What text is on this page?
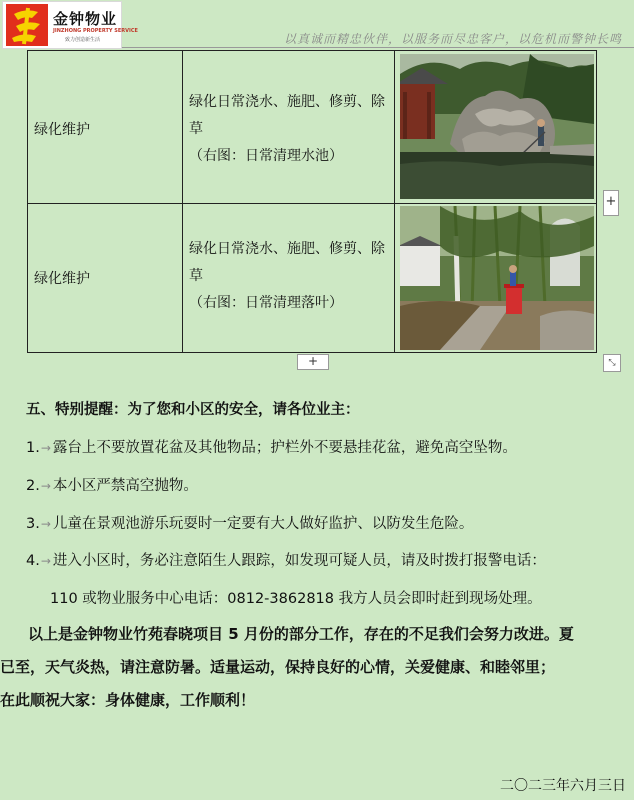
金钟物业
JINZHONG PROPERTY SERVICE
致力创造新生活	以真诚而精忠伙伴，以服务而尽忠客户，以危机而警钟长鸣
绿化维护
绿化日常浇水、施肥、修剪、除草
（右图：日常清理水池）
绿化维护
绿化日常浇水、施肥、修剪、除草
（右图：日常清理落叶）
+
+	⤡
五、特别提醒：为了您和小区的安全，请各位业主：
1.→ 露台上不要放置花盆及其他物品；护栏外不要悬挂花盆，避免高空坠物。
2.→ 本小区严禁高空抛物。
3.→ 儿童在景观池游乐玩耍时一定要有大人做好监护、以防发生危险。
4.→ 进入小区时，务必注意陌生人跟踪，如发现可疑人员，请及时拨打报警电话：
110 或物业服务中心电话：0812-3862818 我方人员会即时赶到现场处理。
以上是金钟物业竹苑春晓项目 5 月份的部分工作，存在的不足我们会努力改进。夏
已至，天气炎热，请注意防暑。适量运动，保持良好的心情，关爱健康、和睦邻里；
在此顺祝大家：身体健康，工作顺利！
二〇二三年六月三日
